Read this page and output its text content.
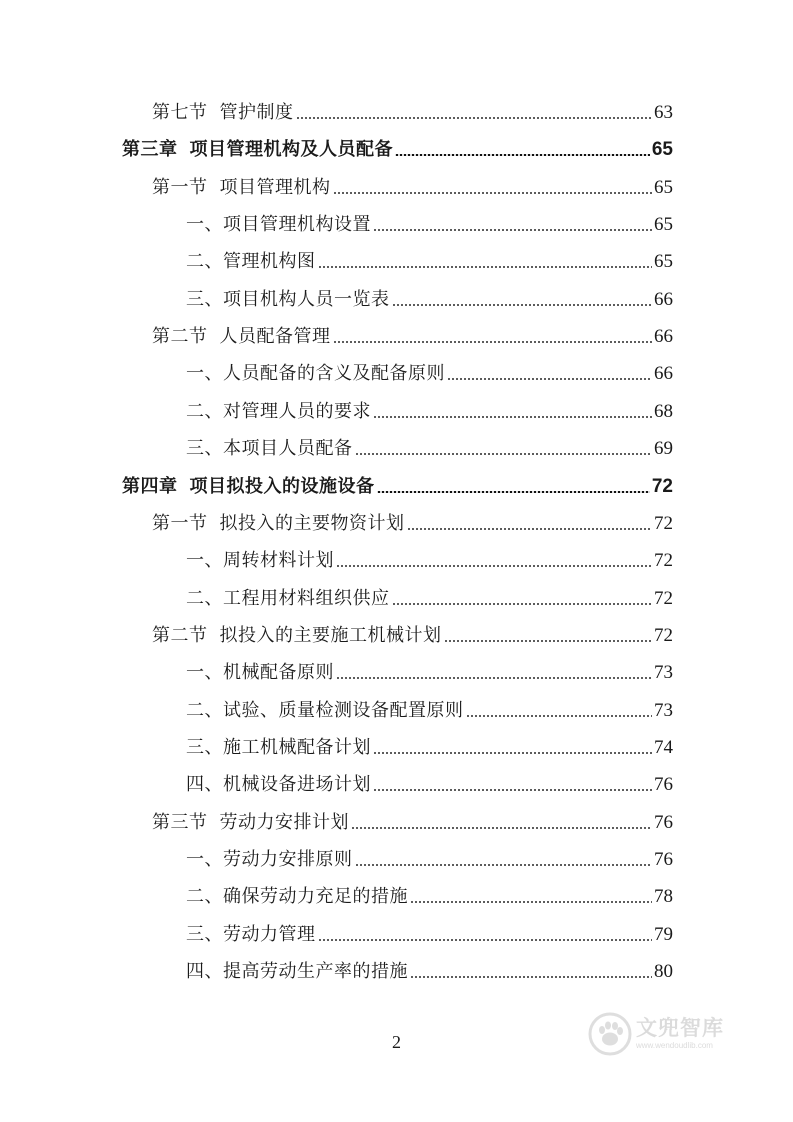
第七节 管护制度	63
第三章 项目管理机构及人员配备	65
第一节 项目管理机构	65
一、项目管理机构设置	65
二、管理机构图	65
三、项目机构人员一览表	66
第二节 人员配备管理	66
一、人员配备的含义及配备原则	66
二、对管理人员的要求	68
三、本项目人员配备	69
第四章 项目拟投入的设施设备	72
第一节 拟投入的主要物资计划	72
一、周转材料计划	72
二、工程用材料组织供应	72
第二节 拟投入的主要施工机械计划	72
一、机械配备原则	73
二、试验、质量检测设备配置原则	73
三、施工机械配备计划	74
四、机械设备进场计划	76
第三节 劳动力安排计划	76
一、劳动力安排原则	76
二、确保劳动力充足的措施	78
三、劳动力管理	79
四、提高劳动生产率的措施	80
2
文兜智库
www.wendoudlib.com
